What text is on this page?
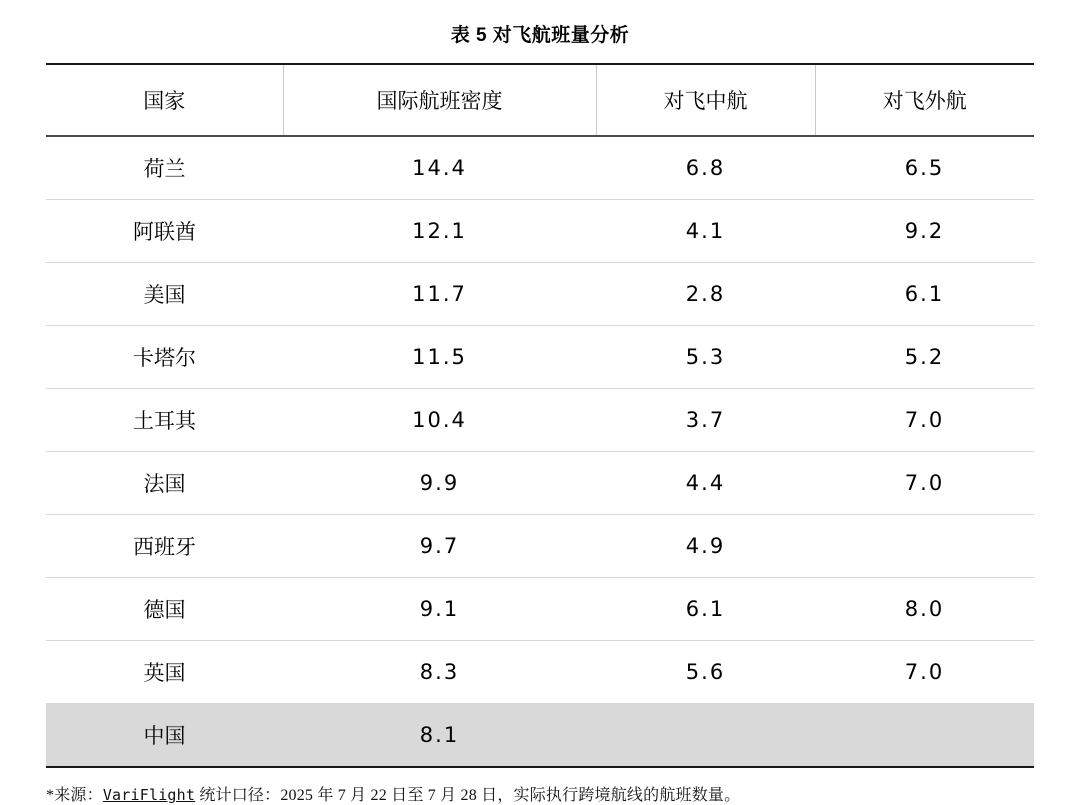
表 5 对飞航班量分析
国家	国际航班密度	对飞中航	对飞外航
荷兰	14.4	6.8	6.5
阿联酋	12.1	4.1	9.2
美国	11.7	2.8	6.1
卡塔尔	11.5	5.3	5.2
土耳其	10.4	3.7	7.0
法国	9.9	4.4	7.0
西班牙	9.7	4.9	
德国	9.1	6.1	8.0
英国	8.3	5.6	7.0
中国	8.1		
*来源：VariFlight 统计口径：2025 年 7 月 22 日至 7 月 28 日，实际执行跨境航线的航班数量。
